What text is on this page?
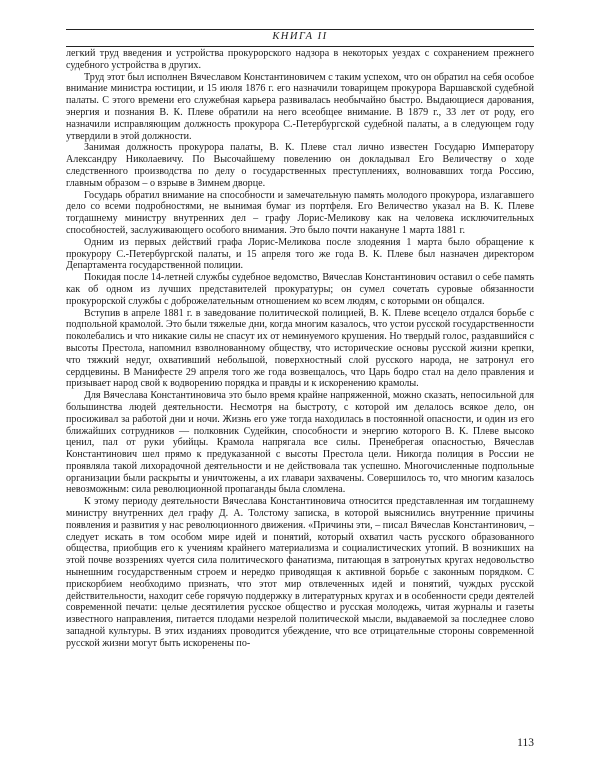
КНИГА II

легкий труд введения и устройства прокурорского надзора в некоторых уездах с сохранением прежнего судебного устройства в других.

Труд этот был исполнен Вячеславом Константиновичем с таким успехом, что он обратил на себя особое внимание министра юстиции, и 15 июля 1876 г. его назначили товарищем прокурора Варшавской судебной палаты. С этого времени его служебная карьера развивалась необычайно быстро. Выдающиеся дарования, энергия и познания В. К. Плеве обратили на него всеобщее внимание. В 1879 г., 33 лет от роду, его назначили исправляющим должность прокурора С.-Петербургской судебной палаты, а в следующем году утвердили в этой должности.

Занимая должность прокурора палаты, В. К. Плеве стал лично известен Государю Императору Александру Николаевичу. По Высочайшему повелению он докладывал Его Величеству о ходе следственного производства по делу о государственных преступлениях, волновавших тогда Россию, главным образом – о взрыве в Зимнем дворце.

Государь обратил внимание на способности и замечательную память молодого прокурора, излагавшего дело со всеми подробностями, не вынимая бумаг из портфеля. Его Величество указал на В. К. Плеве тогдашнему министру внутренних дел – графу Лорис-Меликову как на человека исключительных способностей, заслуживающего особого внимания. Это было почти накануне 1 марта 1881 г.

Одним из первых действий графа Лорис-Меликова после злодеяния 1 марта было обращение к прокурору С.-Петербургской палаты, и 15 апреля того же года В. К. Плеве был назначен директором Департамента государственной полиции.

Покидая после 14-летней службы судебное ведомство, Вячеслав Константинович оставил о себе память как об одном из лучших представителей прокуратуры; он сумел сочетать суровые обязанности прокурорской службы с доброжелательным отношением ко всем людям, с которыми он общался.

Вступив в апреле 1881 г. в заведование политической полицией, В. К. Плеве всецело отдался борьбе с подпольной крамолой. Это были тяжелые дни, когда многим казалось, что устои русской государственности поколебались и что никакие силы не спасут их от неминуемого крушения. Но твердый голос, раздавшийся с высоты Престола, напомнил взволнованному обществу, что исторические основы русской жизни крепки, что тяжкий недуг, охвативший небольшой, поверхностный слой русского народа, не затронул его сердцевины. В Манифесте 29 апреля того же года возвещалось, что Царь бодро стал на дело правления и призывает народ свой к водворению порядка и правды и к искоренению крамолы.

Для Вячеслава Константиновича это было время крайне напряженной, можно сказать, непосильной для большинства людей деятельности. Несмотря на быстроту, с которой им делалось всякое дело, он просиживал за работой дни и ночи. Жизнь его уже тогда находилась в постоянной опасности, и один из его ближайших сотрудников — полковник Судейкин, способности и энергию которого В. К. Плеве высоко ценил, пал от руки убийцы. Крамола напрягала все силы. Пренебрегая опасностью, Вячеслав Константинович шел прямо к предуказанной с высоты Престола цели. Никогда полиция в России не проявляла такой лихорадочной деятельности и не действовала так успешно. Многочисленные подпольные организации были раскрыты и уничтожены, а их главари захвачены. Совершилось то, что многим казалось невозможным: сила революционной пропаганды была сломлена.

К этому периоду деятельности Вячеслава Константиновича относится представленная им тогдашнему министру внутренних дел графу Д. А. Толстому записка, в которой выяснились внутренние причины появления и развития у нас революционного движения. «Причины эти, – писал Вячеслав Константинович, – следует искать в том особом мире идей и понятий, который охватил часть русского образованного общества, приобщив его к учениям крайнего материализма и социалистических утопий. В возникших на этой почве воззрениях чуется сила политического фанатизма, питающая в затронутых кругах недовольство нынешним государственным строем и нередко приводящая к активной борьбе с законным порядком. С прискорбием необходимо признать, что этот мир отвлеченных идей и понятий, чуждых русской действительности, находит себе горячую поддержку в литературных кругах и в особенности среди деятелей современной печати: целые десятилетия русское общество и русская молодежь, читая журналы и газеты известного направления, питается плодами незрелой политической мысли, выдаваемой за последнее слово западной культуры. В этих изданиях проводится убеждение, что все отрицательные стороны современной русской жизни могут быть искоренены по-

113
